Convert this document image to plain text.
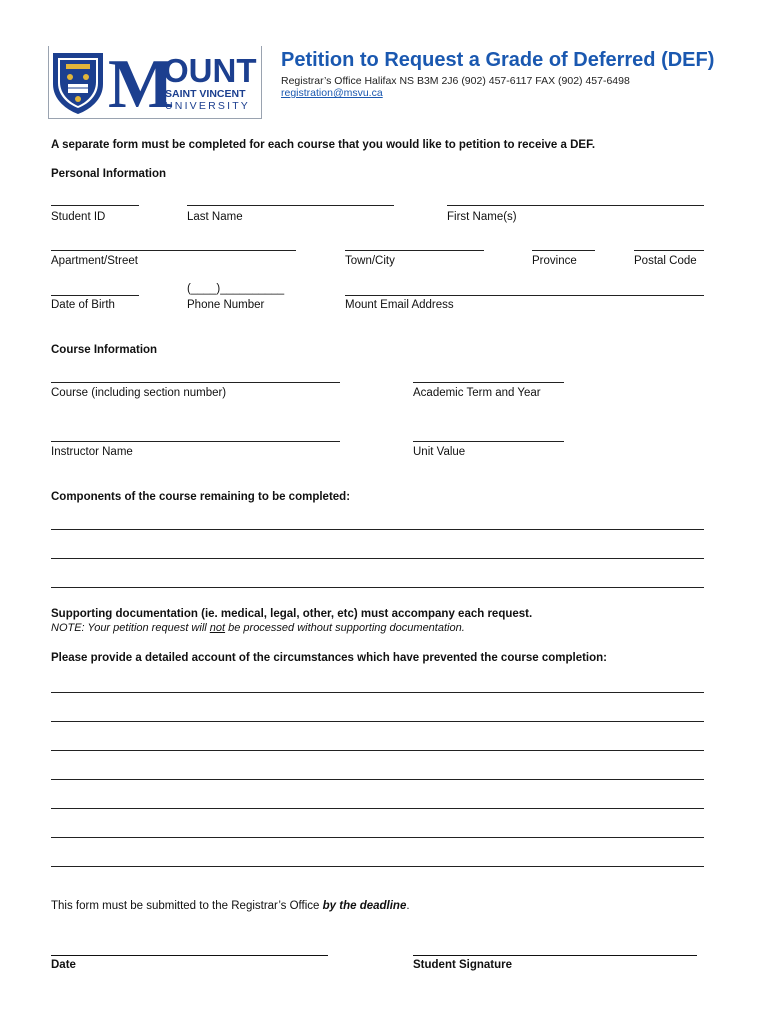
M
OUNT
SAINT VINCENT
UNIVERSITY
Petition to Request a Grade of Deferred (DEF)
Registrar’s Office Halifax NS B3M 2J6 (902) 457-6117 FAX (902) 457-6498
registration@msvu.ca
A separate form must be completed for each course that you would like to petition to receive a DEF.
Personal Information
Student ID	Last Name	First Name(s)
Apartment/Street	Town/City	Province	Postal Code
(____)__________
Date of Birth	Phone Number	Mount Email Address
Course Information
Course (including section number)	Academic Term and Year
Instructor Name	Unit Value
Components of the course remaining to be completed:
Supporting documentation (ie. medical, legal, other, etc) must accompany each request.
NOTE: Your petition request will not be processed without supporting documentation.
Please provide a detailed account of the circumstances which have prevented the course completion:
This form must be submitted to the Registrar’s Office by the deadline.
Date	Student Signature
